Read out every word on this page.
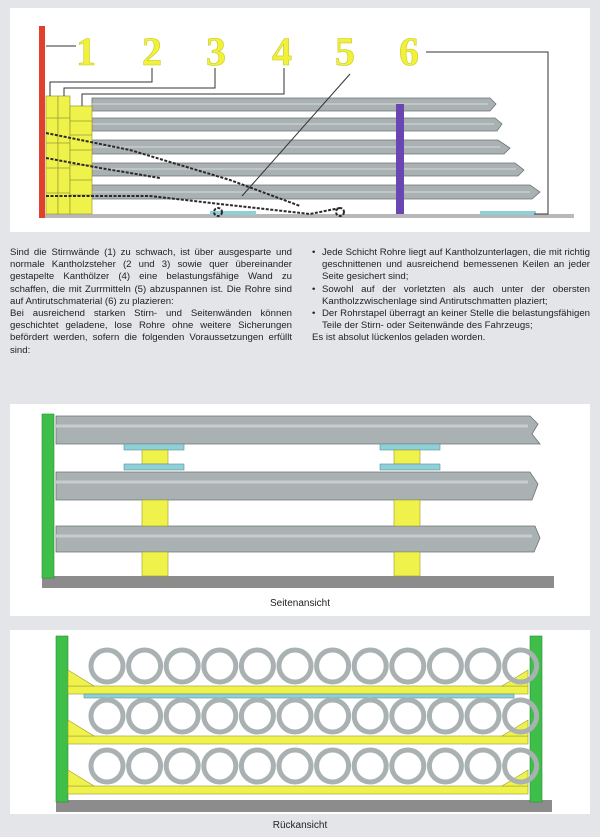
1 2 3 4 5 6

Sind die Stirnwände (1) zu schwach, ist über ausgesparte und normale Kantholzsteher (2 und 3) sowie quer übereinander gestapelte Kanthölzer (4) eine belastungsfähige Wand zu schaffen, die mit Zurrmitteln (5) abzuspannen ist. Die Rohre sind auf Antirutschmaterial (6) zu plazieren:

Bei ausreichend starken Stirn- und Seitenwänden können geschichtet geladene, lose Rohre ohne weitere Sicherungen befördert werden, sofern die folgenden Voraussetzungen erfüllt sind:

• Jede Schicht Rohre liegt auf Kantholzunterlagen, die mit richtig geschnittenen und ausreichend bemessenen Keilen an jeder Seite gesichert sind;
• Sowohl auf der vorletzten als auch unter der obersten Kantholzzwischenlage sind Antirutschmatten plaziert;
• Der Rohrstapel überragt an keiner Stelle die belastungsfähigen Teile der Stirn- oder Seitenwände des Fahrzeugs;

Es ist absolut lückenlos geladen worden.

Seitenansicht
Rückansicht
